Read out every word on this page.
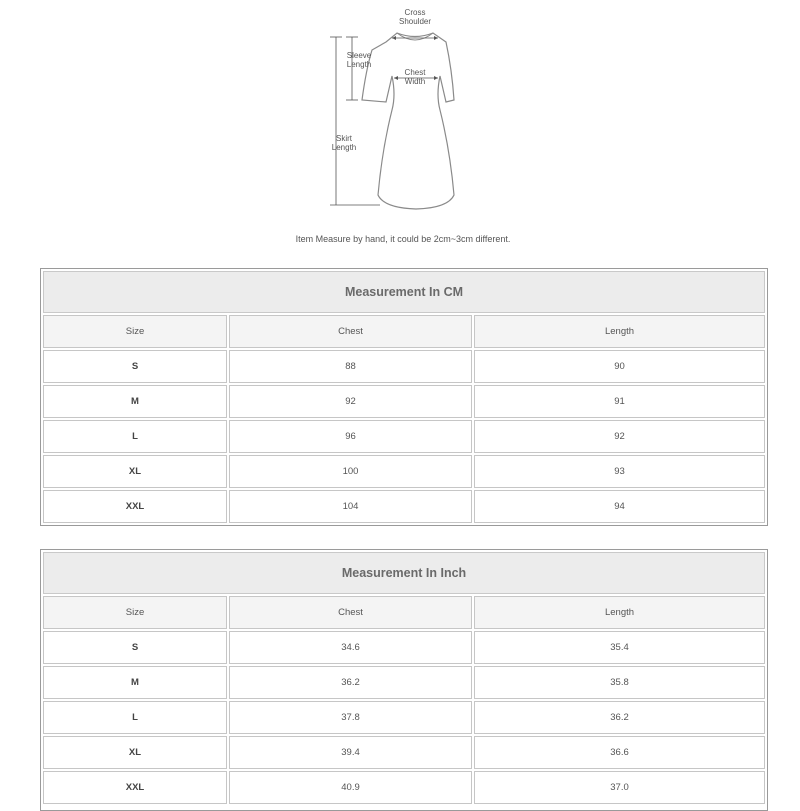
Cross
Shoulder
Sleeve
Length
Chest
Width
Skirt
Length
Item Measure by hand, it could be 2cm~3cm different.
Measurement In CM
Size	Chest	Length
S	88	90
M	92	91
L	96	92
XL	100	93
XXL	104	94
Measurement In Inch
Size	Chest	Length
S	34.6	35.4
M	36.2	35.8
L	37.8	36.2
XL	39.4	36.6
XXL	40.9	37.0
